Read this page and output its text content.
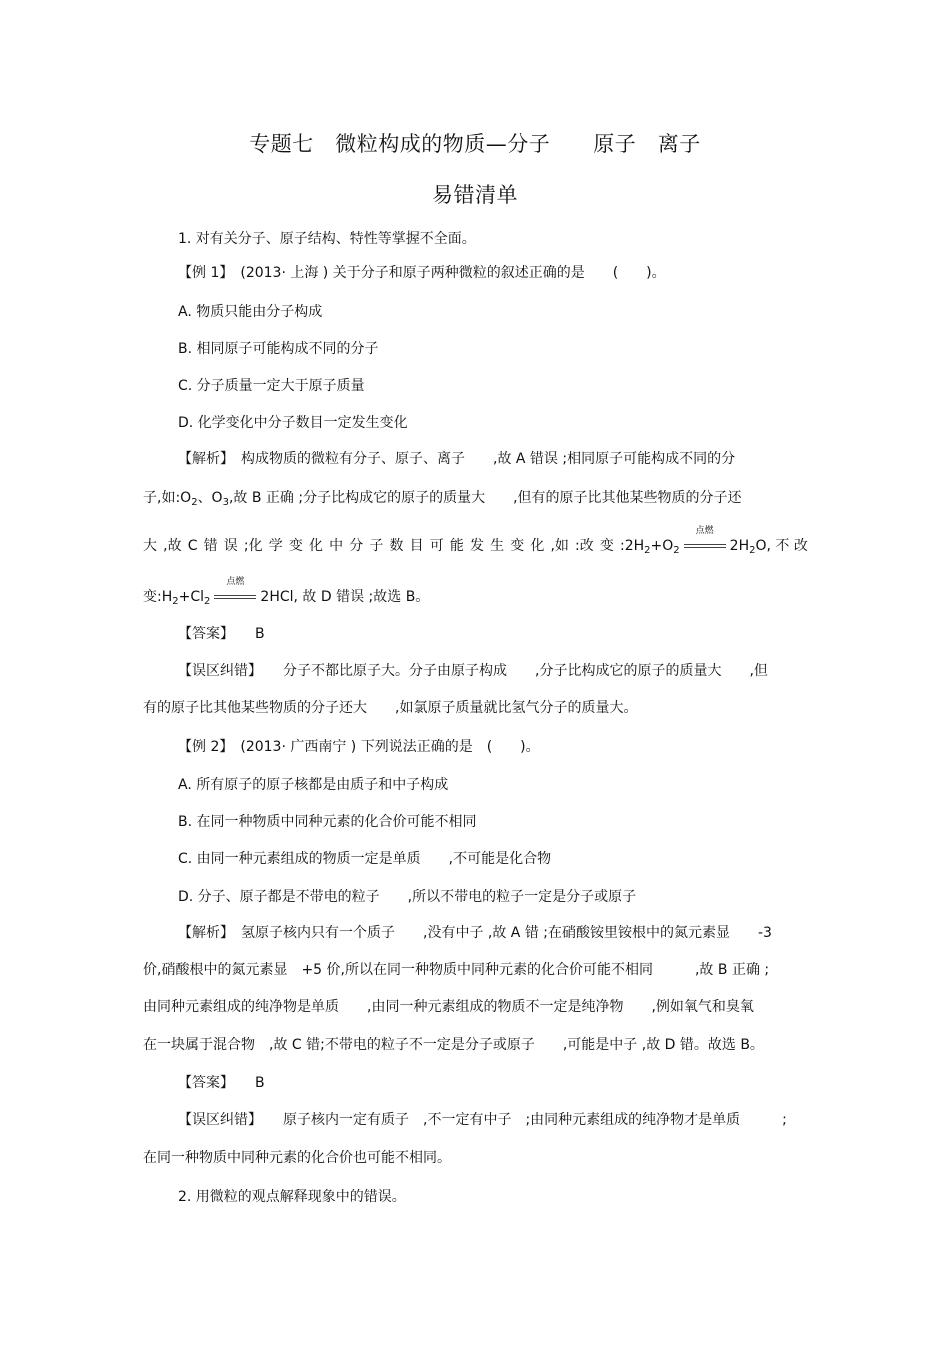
专题七　微粒构成的物质—分子　　原子　离子
易错清单
1. 对有关分子、原子结构、特性等掌握不全面。
【例 1】　(2013· 上海 ) 关于分子和原子两种微粒的叙述正确的是　　(　　)。
A. 物质只能由分子构成
B. 相同原子可能构成不同的分子
C. 分子质量一定大于原子质量
D. 化学变化中分子数目一定发生变化
【解析】　构成物质的微粒有分子、原子、离子　　,故 A 错误 ;相同原子可能构成不同的分
子,如$:O_2$、$O_3$,故 B 正确 ;分子比构成它的原子的质量大　　,但有的原子比其他某些物质的分子还
大 ,故 C 错 误 ;化 学 变 化 中 分 子 数 目 可 能 发 生 变 化 ,如 :改 变 $:2H_2+O_2$
点燃
$2H_2O$, 不 改
变$:H_2+Cl_2$
点燃
2HCl, 故 D 错误 ;故选 B。
【答案】　　B
【误区纠错】　　分子不都比原子大。分子由原子构成　　,分子比构成它的原子的质量大　　,但
有的原子比其他某些物质的分子还大　　,如氯原子质量就比氢气分子的质量大。
【例 2】　(2013· 广西南宁 ) 下列说法正确的是　(　　)。
A. 所有原子的原子核都是由质子和中子构成
B. 在同一种物质中同种元素的化合价可能不相同
C. 由同一种元素组成的物质一定是单质　　,不可能是化合物
D. 分子、原子都是不带电的粒子　　,所以不带电的粒子一定是分子或原子
【解析】　氢原子核内只有一个质子　　,没有中子 ,故 A 错 ;在硝酸铵里铵根中的氮元素显　　-3
价,硝酸根中的氮元素显　+5 价,所以在同一种物质中同种元素的化合价可能不相同　　　,故 B 正确 ;
由同种元素组成的纯净物是单质　　,由同一种元素组成的物质不一定是纯净物　　,例如氧气和臭氧
在一块属于混合物　,故 C 错;不带电的粒子不一定是分子或原子　　,可能是中子 ,故 D 错。故选 B。
【答案】　　B
【误区纠错】　　原子核内一定有质子　,不一定有中子　;由同种元素组成的纯净物才是单质　　　;
在同一种物质中同种元素的化合价也可能不相同。
2. 用微粒的观点解释现象中的错误。
